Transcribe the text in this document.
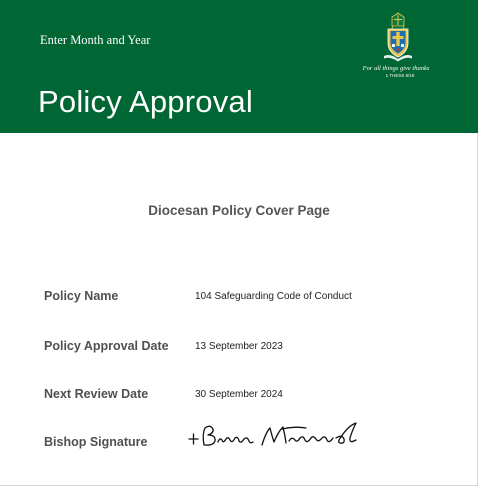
Enter Month and Year
Policy Approval
For all things give thanks
1 THESS 5/18
Diocesan Policy Cover Page
Policy Name	104 Safeguarding Code of Conduct
Policy Approval Date	13 September 2023
Next Review Date	30 September 2024
Bishop Signature
